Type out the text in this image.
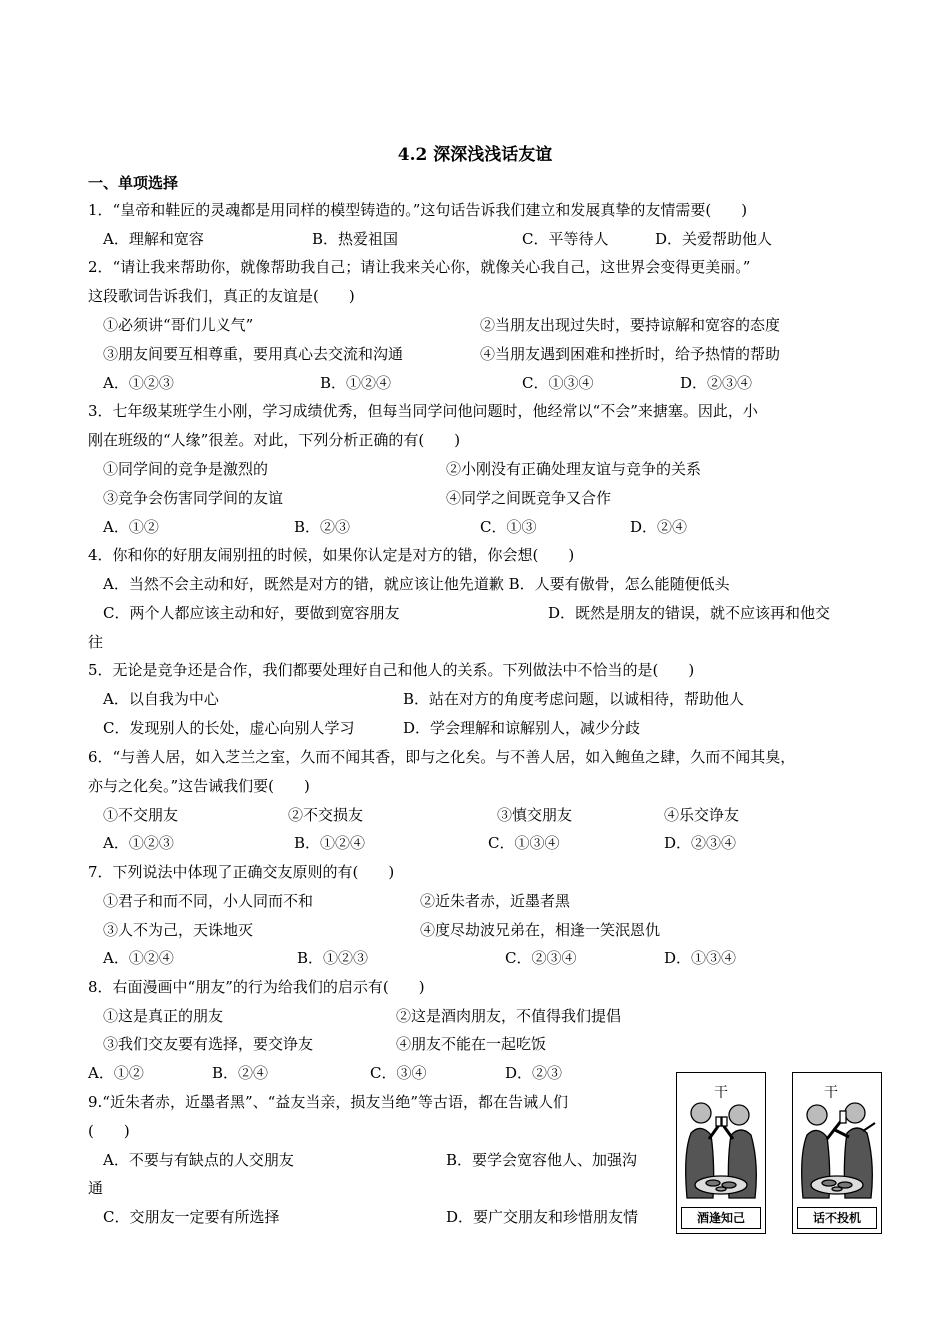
4.2 深深浅浅话友谊
一、单项选择
1．“皇帝和鞋匠的灵魂都是用同样的模型铸造的。”这句话告诉我们建立和发展真挚的友情需要(　　)
A．理解和宽容	B．热爱祖国	C．平等待人	D．关爱帮助他人
2．“请让我来帮助你，就像帮助我自己；请让我来关心你，就像关心我自己，这世界会变得更美丽。”
这段歌词告诉我们，真正的友谊是(　　)
①必须讲“哥们儿义气”	②当朋友出现过失时，要持谅解和宽容的态度
③朋友间要互相尊重，要用真心去交流和沟通	④当朋友遇到困难和挫折时，给予热情的帮助
A．①②③	B．①②④	C．①③④	D．②③④
3．七年级某班学生小刚，学习成绩优秀，但每当同学问他问题时，他经常以“不会”来搪塞。因此，小
刚在班级的“人缘”很差。对此，下列分析正确的有(　　)
①同学间的竞争是激烈的	②小刚没有正确处理友谊与竞争的关系
③竞争会伤害同学间的友谊	④同学之间既竞争又合作
A．①②	B．②③	C．①③	D．②④
4．你和你的好朋友闹别扭的时候，如果你认定是对方的错，你会想(　　)
A．当然不会主动和好，既然是对方的错，就应该让他先道歉 B．人要有傲骨，怎么能随便低头
C．两个人都应该主动和好，要做到宽容朋友	D．既然是朋友的错误，就不应该再和他交
往
5．无论是竞争还是合作，我们都要处理好自己和他人的关系。下列做法中不恰当的是(　　)
A．以自我为中心	B．站在对方的角度考虑问题，以诚相待，帮助他人
C．发现别人的长处，虚心向别人学习	D．学会理解和谅解别人，减少分歧
6．“与善人居，如入芝兰之室，久而不闻其香，即与之化矣。与不善人居，如入鲍鱼之肆，久而不闻其臭，
亦与之化矣。”这告诫我们要(　　)
①不交朋友	②不交损友	③慎交朋友	④乐交诤友
A．①②③	B．①②④	C．①③④	D．②③④
7．下列说法中体现了正确交友原则的有(　　)
①君子和而不同，小人同而不和	②近朱者赤，近墨者黑
③人不为己，天诛地灭	④度尽劫波兄弟在，相逢一笑泯恩仇
A．①②④	B．①②③	C．②③④	D．①③④
8．右面漫画中“朋友”的行为给我们的启示有(　　)
①这是真正的朋友	②这是酒肉朋友，不值得我们提倡
③我们交友要有选择，要交诤友	④朋友不能在一起吃饭
A．①②	B．②④	C．③④	D．②③
9.“近朱者赤，近墨者黑”、“益友当亲，损友当绝”等古语，都在告诫人们
(　　)
A．不要与有缺点的人交朋友	B．要学会宽容他人、加强沟
通
C．交朋友一定要有所选择	D．要广交朋友和珍惜朋友情
干
酒逢知己
干
话不投机
